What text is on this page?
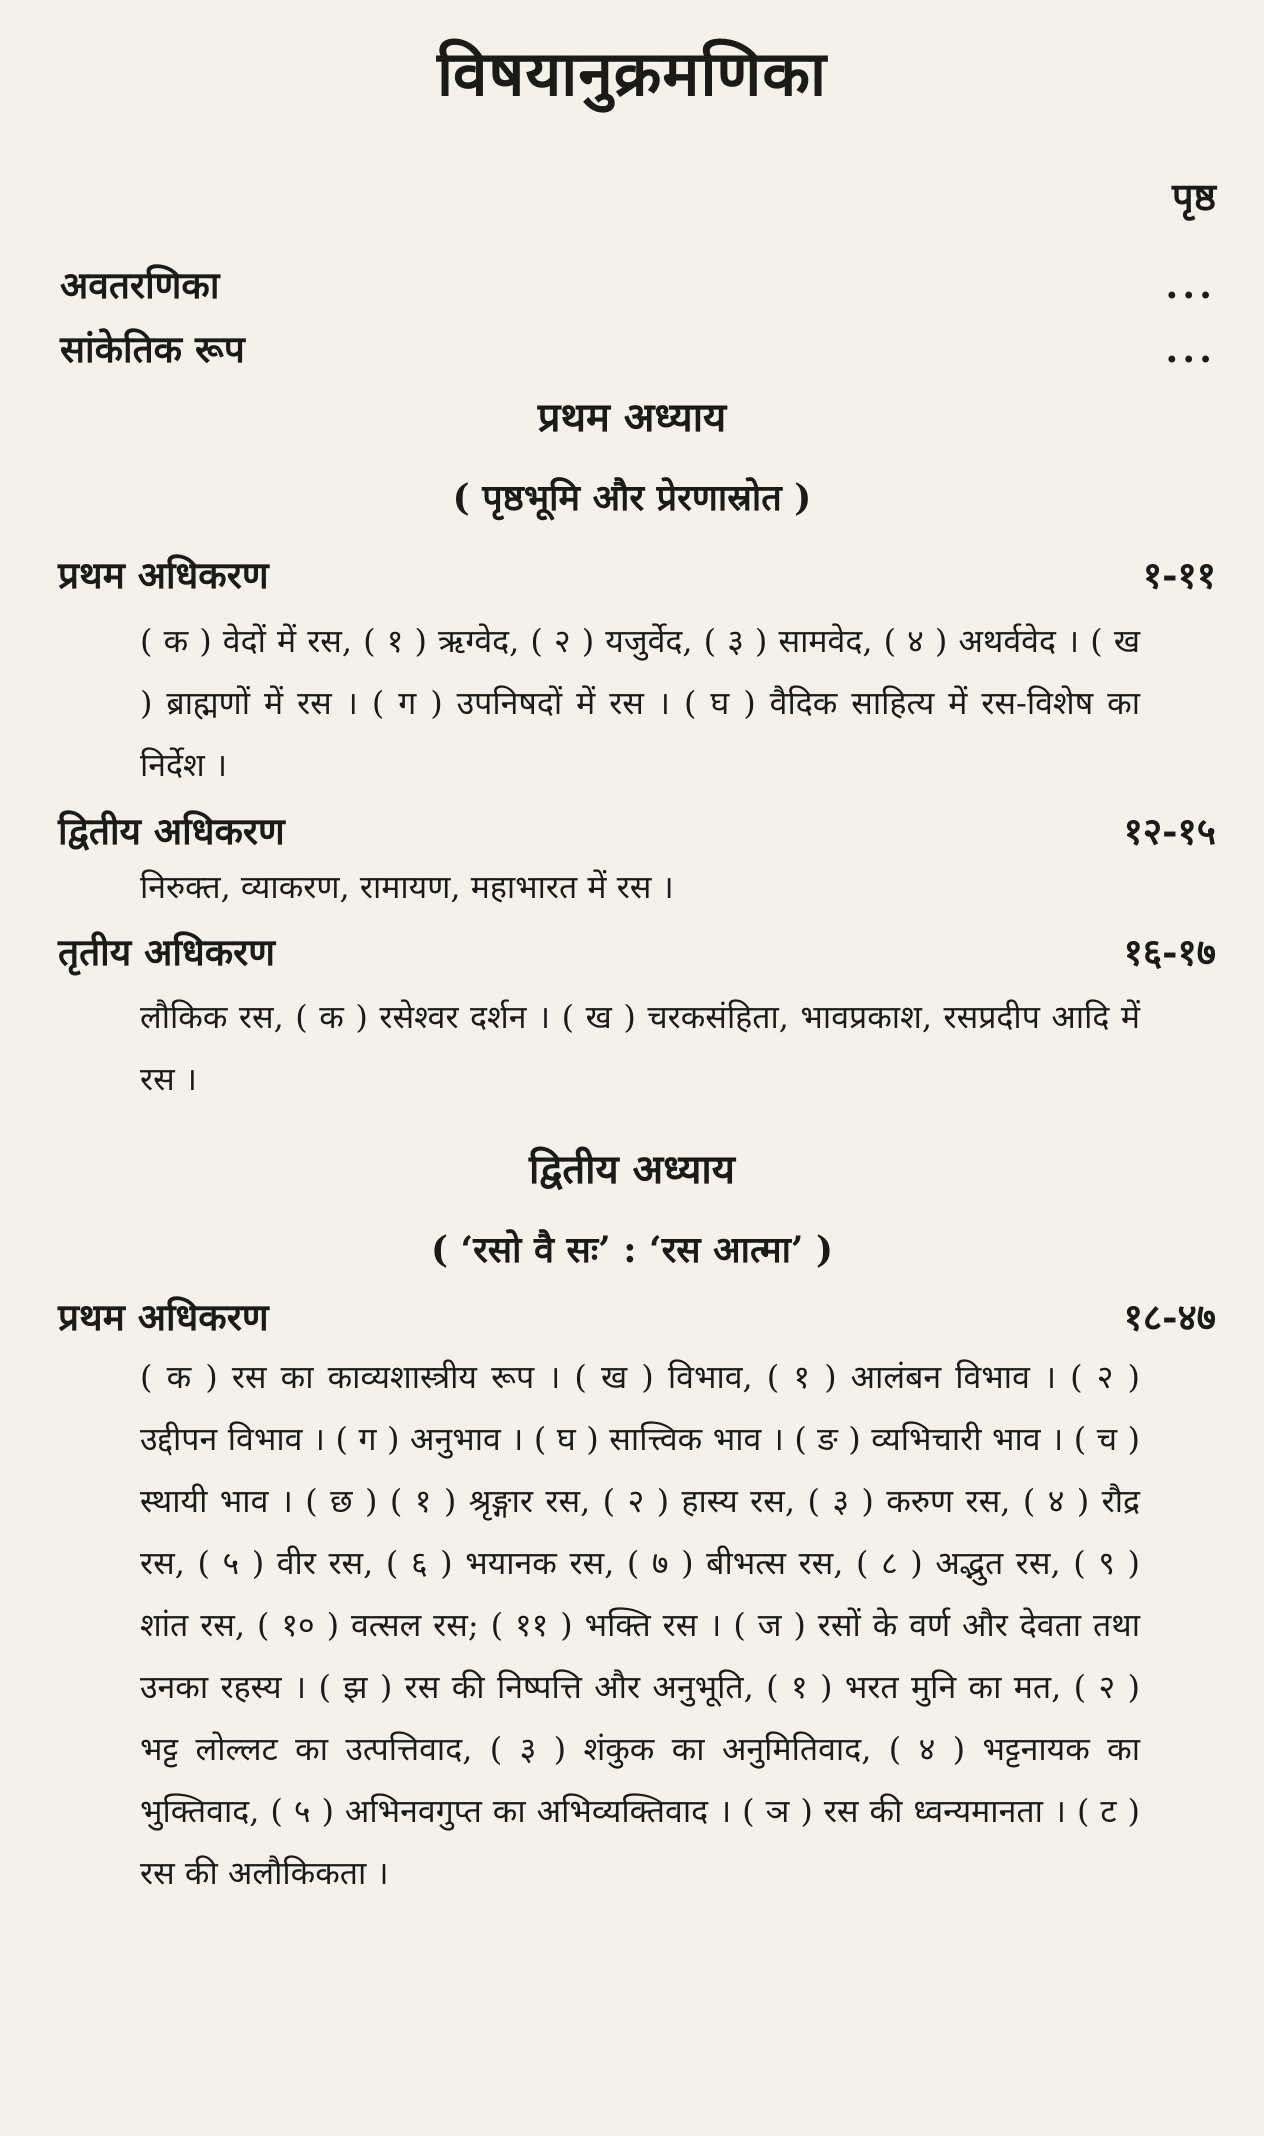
विषयानुक्रमणिका
पृष्ठ
अवतरणिका	...
सांकेतिक रूप	...
प्रथम अध्याय
( पृष्ठभूमि और प्रेरणास्रोत )
प्रथम अधिकरण	१-११
( क ) वेदों में रस, ( १ ) ऋग्वेद, ( २ ) यजुर्वेद, ( ३ ) सामवेद, ( ४ ) अथर्ववेद । ( ख ) ब्राह्मणों में रस । ( ग ) उपनिषदों में रस । ( घ ) वैदिक साहित्य में रस-विशेष का निर्देश ।
द्वितीय अधिकरण	१२-१५
निरुक्त, व्याकरण, रामायण, महाभारत में रस ।
तृतीय अधिकरण	१६-१७
लौकिक रस, ( क ) रसेश्वर दर्शन । ( ख ) चरकसंहिता, भावप्रकाश, रसप्रदीप आदि में रस ।
द्वितीय अध्याय
( ‘रसो वै सः’ : ‘रस आत्मा’ )
प्रथम अधिकरण	१८-४७
( क ) रस का काव्यशास्त्रीय रूप । ( ख ) विभाव, ( १ ) आलंबन विभाव । ( २ ) उद्दीपन विभाव । ( ग ) अनुभाव । ( घ ) सात्त्विक भाव । ( ङ ) व्यभिचारी भाव । ( च ) स्थायी भाव । ( छ ) ( १ ) श्रृङ्गार रस, ( २ ) हास्य रस, ( ३ ) करुण रस, ( ४ ) रौद्र रस, ( ५ ) वीर रस, ( ६ ) भयानक रस, ( ७ ) बीभत्स रस, ( ८ ) अद्भुत रस, ( ९ ) शांत रस, ( १० ) वत्सल रस; ( ११ ) भक्ति रस । ( ज ) रसों के वर्ण और देवता तथा उनका रहस्य । ( झ ) रस की निष्पत्ति और अनुभूति, ( १ ) भरत मुनि का मत, ( २ ) भट्ट लोल्लट का उत्पत्तिवाद, ( ३ ) शंकुक का अनुमितिवाद, ( ४ ) भट्टनायक का भुक्तिवाद, ( ५ ) अभिनवगुप्त का अभिव्यक्तिवाद । ( ञ ) रस की ध्वन्यमानता । ( ट ) रस की अलौकिकता ।
